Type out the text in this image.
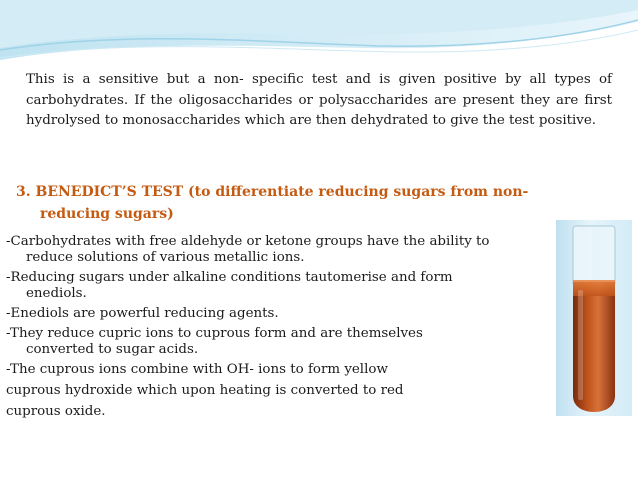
This is a sensitive but a non- specific test and is given positive by all types of carbohydrates. If the oligosaccharides or polysaccharides are present they are first hydrolysed to monosaccharides which are then dehydrated to give the test positive.
3. BENEDICT’S TEST (to differentiate reducing sugars from non-
reducing sugars)
-Carbohydrates with free aldehyde or ketone groups have the ability to
reduce solutions of various metallic ions.
-Reducing sugars under alkaline conditions tautomerise and form
enediols.
-Enediols are powerful reducing agents.
-They reduce cupric ions to cuprous form and are themselves
converted to sugar acids.
-The cuprous ions combine with OH- ions to form yellow
cuprous hydroxide which upon heating is converted to red
cuprous oxide.
